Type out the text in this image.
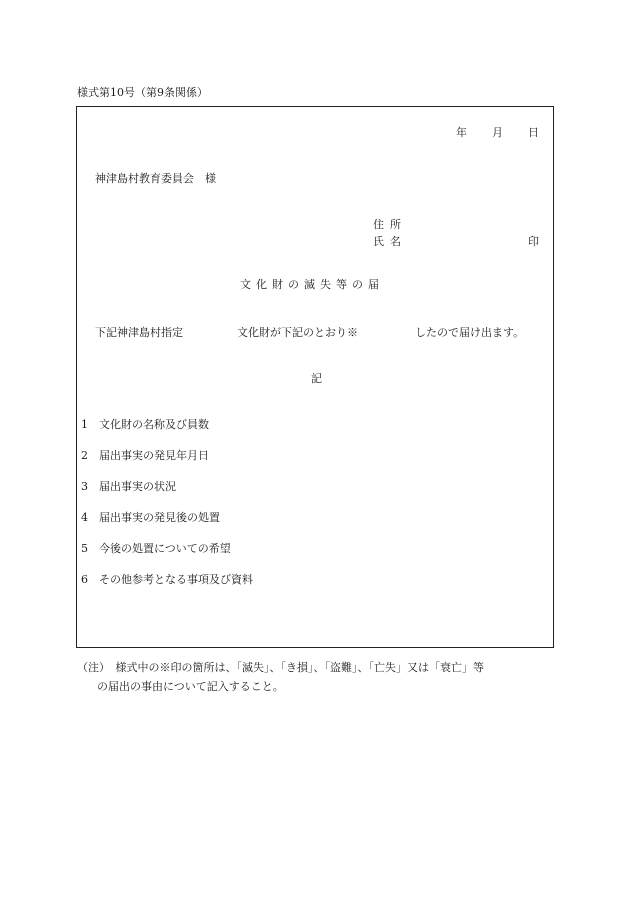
様式第10号（第9条関係）
年 月 日
神津島村教育委員会　様
住所
氏名	印
文化財の滅失等の届
下記神津島村指定	文化財が下記のとおり※	したので届け出ます。
記
1 文化財の名称及び員数
2 届出事実の発見年月日
3 届出事実の状況
4 届出事実の発見後の処置
5 今後の処置についての希望
6 その他参考となる事項及び資料
（注）　様式中の※印の箇所は、「滅失」、「き損」、「盗難」、「亡失」又は「衰亡」等
の届出の事由について記入すること。
